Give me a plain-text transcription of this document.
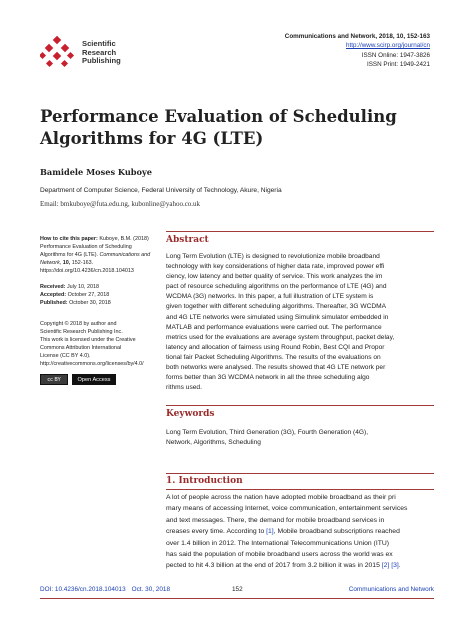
Scientific
Research
Publishing
Communications and Network, 2018, 10, 152-163
http://www.scirp.org/journal/cn
ISSN Online: 1947-3826
ISSN Print: 1949-2421
Performance Evaluation of Scheduling
Algorithms for 4G (LTE)
Bamidele Moses Kuboye
Department of Computer Science, Federal University of Technology, Akure, Nigeria
Email: bmkuboye@futa.edu.ng, kubonline@yahoo.co.uk
How to cite this paper: Kuboye, B.M. (2018) Performance Evaluation of Scheduling Algorithms for 4G (LTE). Communications and Network, 10, 152-163. https://doi.org/10.4236/cn.2018.104013
Received: July 10, 2018
Accepted: October 27, 2018
Published: October 30, 2018
Copyright © 2018 by author and
Scientific Research Publishing Inc.
This work is licensed under the Creative
Commons Attribution International
License (CC BY 4.0).
http://creativecommons.org/licenses/by/4.0/
cc BY	Open Access
Abstract
Long Term Evolution (LTE) is designed to revolutionize mobile broadband
technology with key considerations of higher data rate, improved power effi
ciency, low latency and better quality of service. This work analyzes the im
pact of resource scheduling algorithms on the performance of LTE (4G) and
WCDMA (3G) networks. In this paper, a full illustration of LTE system is
given together with different scheduling algorithms. Thereafter, 3G WCDMA
and 4G LTE networks were simulated using Simulink simulator embedded in
MATLAB and performance evaluations were carried out. The performance
metrics used for the evaluations are average system throughput, packet delay,
latency and allocation of fairness using Round Robin, Best CQI and Propor
tional fair Packet Scheduling Algorithms. The results of the evaluations on
both networks were analysed. The results showed that 4G LTE network per
forms better than 3G WCDMA network in all the three scheduling algo
rithms used.
Keywords
Long Term Evolution, Third Generation (3G), Fourth Generation (4G),
Network, Algorithms, Scheduling
1. Introduction
A lot of people across the nation have adopted mobile broadband as their pri
mary means of accessing Internet, voice communication, entertainment services
and text messages. There, the demand for mobile broadband services in
creases every time. According to [1], Mobile broadband subscriptions reached
over 1.4 billion in 2012. The International Telecommunications Union (ITU)
has said the population of mobile broadband users across the world was ex
pected to hit 4.3 billion at the end of 2017 from 3.2 billion it was in 2015 [2] [3].
DOI: 10.4236/cn.2018.104013 Oct. 30, 2018	152	Communications and Network
